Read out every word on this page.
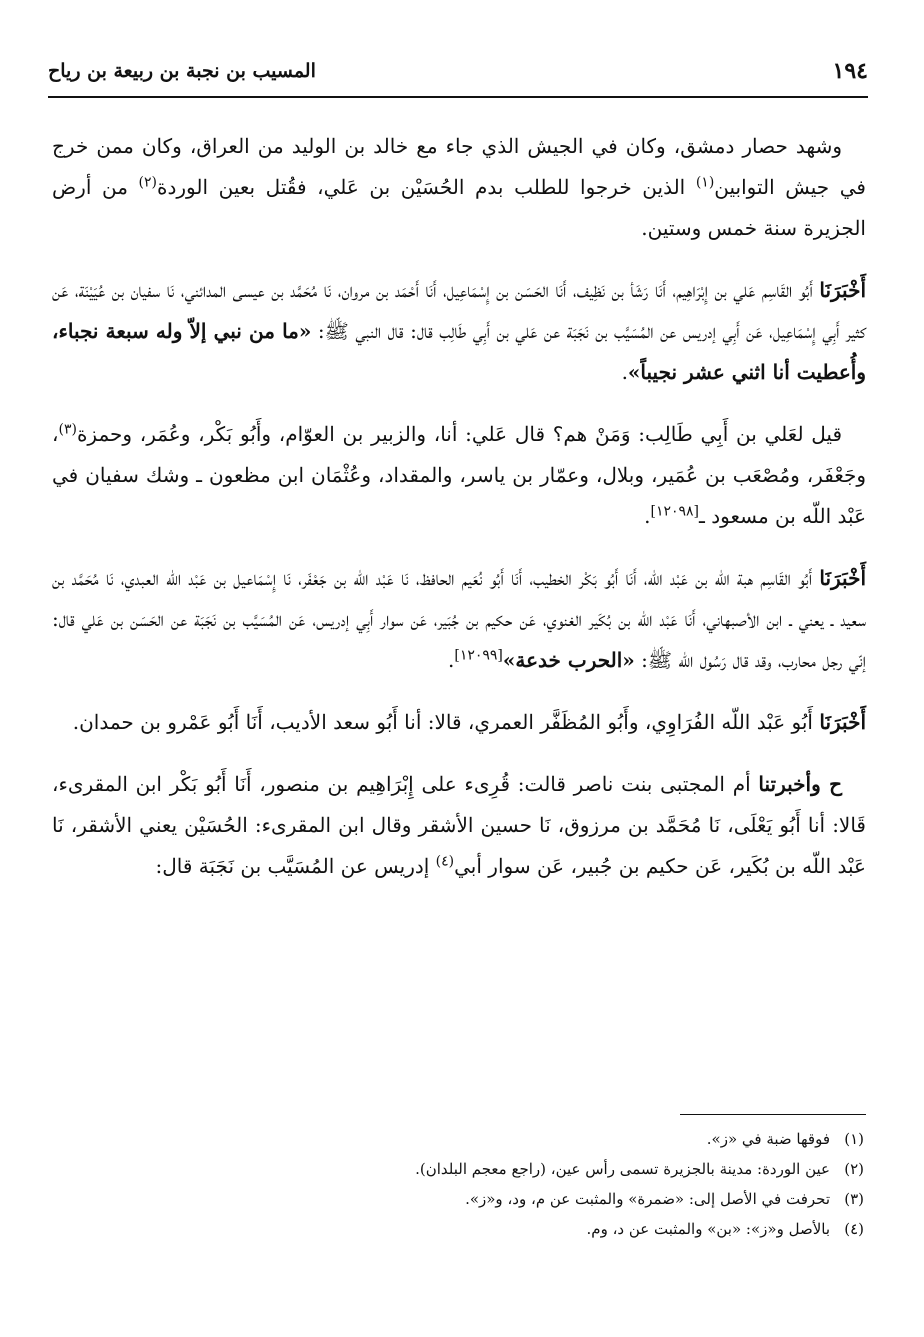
١٩٤
المسيب بن نجبة بن ربيعة بن رياح

وشهد حصار دمشق، وكان في الجيش الذي جاء مع خالد بن الوليد من العراق، وكان ممن خرج في جيش التوابين$^{(١)}$ الذين خرجوا للطلب بدم الحُسَيْن بن عَلي، فقُتل بعين الوردة$^{(٢)}$ من أرض الجزيرة سنة خمس وستين.

أَخْبَرَنَا أَبُو القَاسِم عَلي بن إِبْرَاهِيم، أَنَا رَشَأ بن نَظِيف، أَنَا الحَسَن بن إِسْمَاعِيل، أَنَا أَحْمَد بن مروان، نَا مُحَمَّد بن عيسى المدائني، نَا سفيان بن عُيَيْنَة، عَن كثير أَبِي إِسْمَاعِيل، عَن أَبِي إدريس عن المُسَيَّب بن نَجَبَة عن عَلي بن أَبِي طَالِب قال: قال النبي ﷺ: «ما من نبي إلاّ وله سبعة نجباء، وأُعطيت أنا اثني عشر نجيباً».

قيل لعَلي بن أَبِي طَالِب: وَمَنْ هم؟ قال عَلي: أنا، والزبير بن العوّام، وأَبُو بَكْر، وعُمَر، وحمزة$^{(٣)}$، وجَعْفَر، ومُصْعَب بن عُمَير، وبلال، وعمّار بن ياسر، والمقداد، وعُثْمَان ابن مظعون ـ وشك سفيان في عَبْد اللّه بن مسعود ـ[١٢٠٩٨].

أَخْبَرَنَا أَبُو القَاسِم هبة اللّه بن عَبْد اللّه، أَنَا أَبُو بَكْر الخطيب، أَنَا أَبُو نُعَيم الحافظ، نَا عَبْد اللّه بن جَعْفَر، نَا إِسْمَاعيل بن عَبْد اللّه العبدي، نَا مُحَمَّد بن سعيد ـ يعني ـ ابن الأصبهاني، أَنَا عَبْد اللّه بن بُكَير الغنوي، عَن حكيم بن جُبَير، عَن سوار أَبِي إدريس، عَن المُسَيَّب بن نَجَبَة عن الحَسَن بن عَلي قال: إنّي رجل محارب، وقد قال رَسُول اللّه ﷺ: «الحرب خدعة»[١٢٠٩٩].

أَخْبَرَنَا أَبُو عَبْد اللّه الفُرَاوِي، وأَبُو المُظَفَّر العمري، قالا: أنا أَبُو سعد الأديب، أَنَا أَبُو عَمْرو بن حمدان.

ح وأخبرتنا أم المجتبى بنت ناصر قالت: قُرِىء على إِبْرَاهِيم بن منصور، أَنَا أَبُو بَكْر ابن المقرىء، قَالا: أنا أَبُو يَعْلَى، نَا مُحَمَّد بن مرزوق، نَا حسين الأشقر وقال ابن المقرىء: الحُسَيْن يعني الأشقر، نَا عَبْد اللّه بن بُكَير، عَن حكيم بن جُبير، عَن سوار أبي$^{(٤)}$ إدريس عن المُسَيَّب بن نَجَبَة قال:

(١)فوقها ضبة في «ز».
(٢)عين الوردة: مدينة بالجزيرة تسمى رأس عين، (راجع معجم البلدان).
(٣)تحرفت في الأصل إلى: «ضمرة» والمثبت عن م، ود، و«ز».
(٤)بالأصل و«ز»: «بن» والمثبت عن د، وم.
